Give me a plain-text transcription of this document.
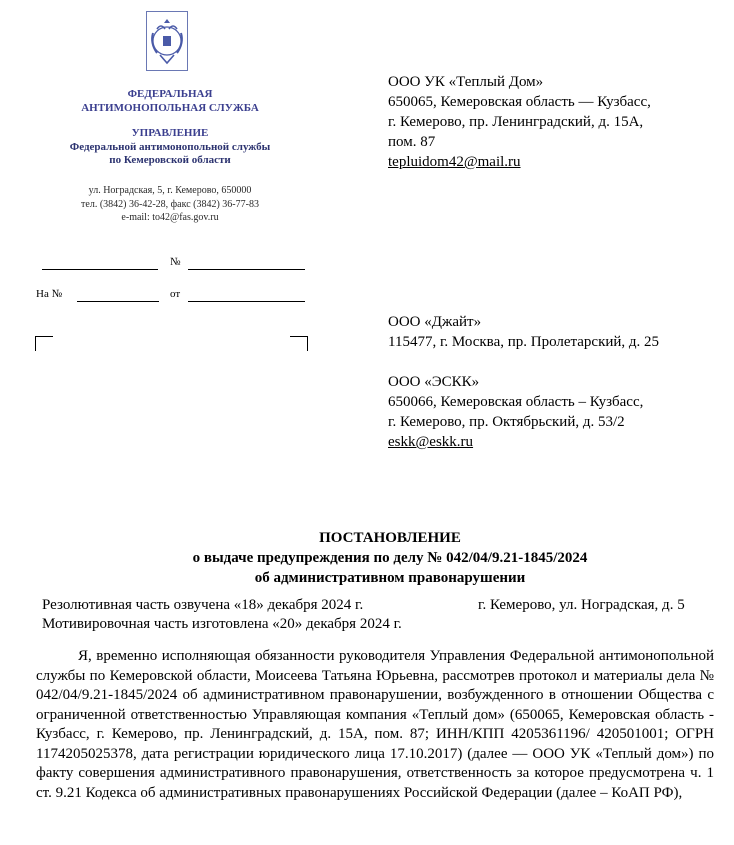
ФЕДЕРАЛЬНАЯ
АНТИМОНОПОЛЬНАЯ СЛУЖБА
УПРАВЛЕНИЕ
Федеральной антимонопольной службы
по Кемеровской области
ул. Ноградская, 5, г. Кемерово, 650000
тел. (3842) 36-42-28, факс (3842) 36-77-83
e-mail: to42@fas.gov.ru
№
На №	от
ООО УК «Теплый Дом»
650065, Кемеровская область — Кузбасс,
г. Кемерово, пр. Ленинградский, д. 15А,
пом. 87
tepluidom42@mail.ru
ООО «Джайт»
115477, г. Москва, пр. Пролетарский, д. 25
ООО «ЭСКК»
650066, Кемеровская область – Кузбасс,
г. Кемерово, пр. Октябрьский, д. 53/2
eskk@eskk.ru
ПОСТАНОВЛЕНИЕ
о выдаче предупреждения по делу № 042/04/9.21-1845/2024
об административном правонарушении
Резолютивная часть озвучена «18» декабря 2024 г.	г. Кемерово, ул. Ноградская, д. 5
Мотивировочная часть изготовлена «20» декабря 2024 г.
Я, временно исполняющая обязанности руководителя Управления Федеральной антимонопольной службы по Кемеровской области, Моисеева Татьяна Юрьевна, рассмотрев протокол и материалы дела № 042/04/9.21-1845/2024 об административном правонарушении, возбужденного в отношении Общества с ограниченной ответственностью Управляющая компания «Теплый дом» (650065, Кемеровская область - Кузбасс, г. Кемерово, пр. Ленинградский, д. 15А, пом. 87; ИНН/КПП 4205361196/ 420501001; ОГРН 1174205025378, дата регистрации юридического лица 17.10.2017) (далее — ООО УК «Теплый дом») по факту совершения административного правонарушения, ответственность за которое предусмотрена ч. 1 ст. 9.21 Кодекса об административных правонарушениях Российской Федерации (далее – КоАП РФ),
